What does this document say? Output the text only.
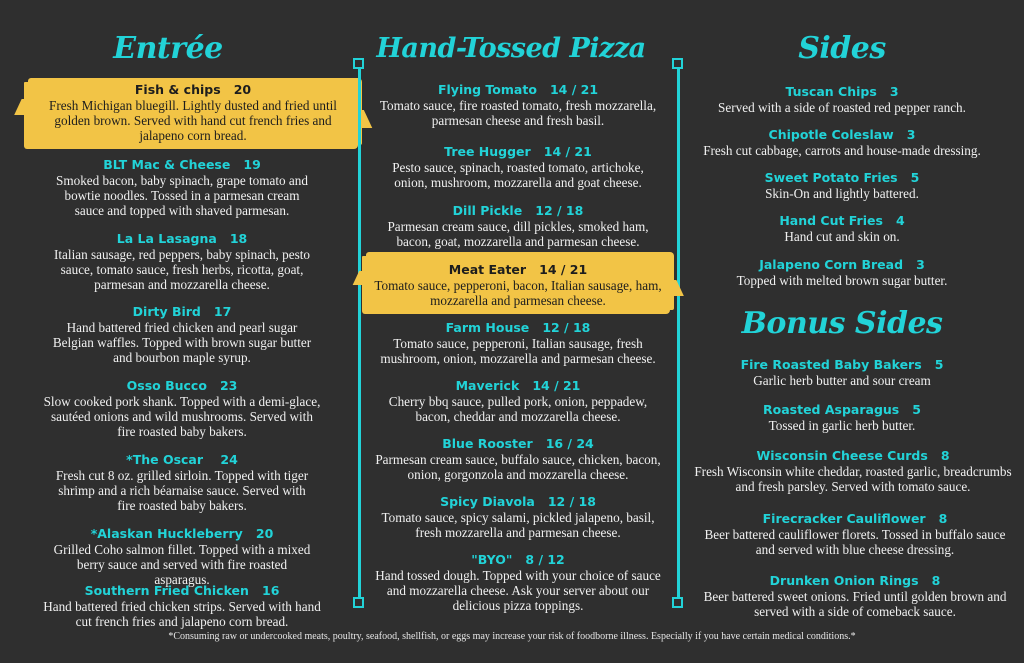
Entrée
Fish & chips   20
Fresh Michigan bluegill. Lightly dusted and fried until golden brown. Served with hand cut french fries and jalapeno corn bread.
BLT Mac & Cheese   19
Smoked bacon, baby spinach, grape tomato and bowtie noodles. Tossed in a parmesan cream sauce and topped with shaved parmesan.
La La Lasagna   18
Italian sausage, red peppers, baby spinach, pesto sauce, tomato sauce, fresh herbs, ricotta, goat, parmesan and mozzarella cheese.
Dirty Bird   17
Hand battered fried chicken and pearl sugar Belgian waffles. Topped with brown sugar butter and bourbon maple syrup.
Osso Bucco   23
Slow cooked pork shank. Topped with a demi-glace, sautéed onions and wild mushrooms. Served with fire roasted baby bakers.
*The Oscar    24
Fresh cut 8 oz. grilled sirloin. Topped with tiger shrimp and a rich béarnaise sauce. Served with fire roasted baby bakers.
*Alaskan Huckleberry   20
Grilled Coho salmon fillet. Topped with a mixed berry sauce and served with fire roasted asparagus.
Southern Fried Chicken   16
Hand battered fried chicken strips. Served with hand cut french fries and jalapeno corn bread.
Hand-Tossed Pizza
Flying Tomato   14 / 21
Tomato sauce, fire roasted tomato, fresh mozzarella, parmesan cheese and fresh basil.
Tree Hugger   14 / 21
Pesto sauce, spinach, roasted tomato, artichoke, onion, mushroom, mozzarella and goat cheese.
Dill Pickle   12 / 18
Parmesan cream sauce, dill pickles, smoked ham, bacon, goat, mozzarella and parmesan cheese.
Meat Eater   14 / 21
Tomato sauce, pepperoni, bacon, Italian sausage, ham, mozzarella and parmesan cheese.
Farm House   12 / 18
Tomato sauce, pepperoni, Italian sausage, fresh mushroom, onion, mozzarella and parmesan cheese.
Maverick   14 / 21
Cherry bbq sauce, pulled pork, onion, peppadew, bacon, cheddar and mozzarella cheese.
Blue Rooster   16 / 24
Parmesan cream sauce, buffalo sauce, chicken, bacon, onion, gorgonzola and mozzarella cheese.
Spicy Diavola   12 / 18
Tomato sauce, spicy salami, pickled jalapeno, basil, fresh mozzarella and parmesan cheese.
"BYO"   8 / 12
Hand tossed dough. Topped with your choice of sauce and mozzarella cheese. Ask your server about our delicious pizza toppings.
Sides
Tuscan Chips   3
Served with a side of roasted red pepper ranch.
Chipotle Coleslaw   3
Fresh cut cabbage, carrots and house-made dressing.
Sweet Potato Fries   5
Skin-On and lightly battered.
Hand Cut Fries   4
Hand cut and skin on.
Jalapeno Corn Bread   3
Topped with melted brown sugar butter.
Bonus Sides
Fire Roasted Baby Bakers   5
Garlic herb butter and sour cream
Roasted Asparagus   5
Tossed in garlic herb butter.
Wisconsin Cheese Curds   8
Fresh Wisconsin white cheddar, roasted garlic, breadcrumbs and fresh parsley. Served with tomato sauce.
Firecracker Cauliflower   8
Beer battered cauliflower florets. Tossed in buffalo sauce and served with blue cheese dressing.
Drunken Onion Rings   8
Beer battered sweet onions. Fried until golden brown and served with a side of comeback sauce.
*Consuming raw or undercooked meats, poultry, seafood, shellfish, or eggs may increase your risk of foodborne illness. Especially if you have certain medical conditions.*
